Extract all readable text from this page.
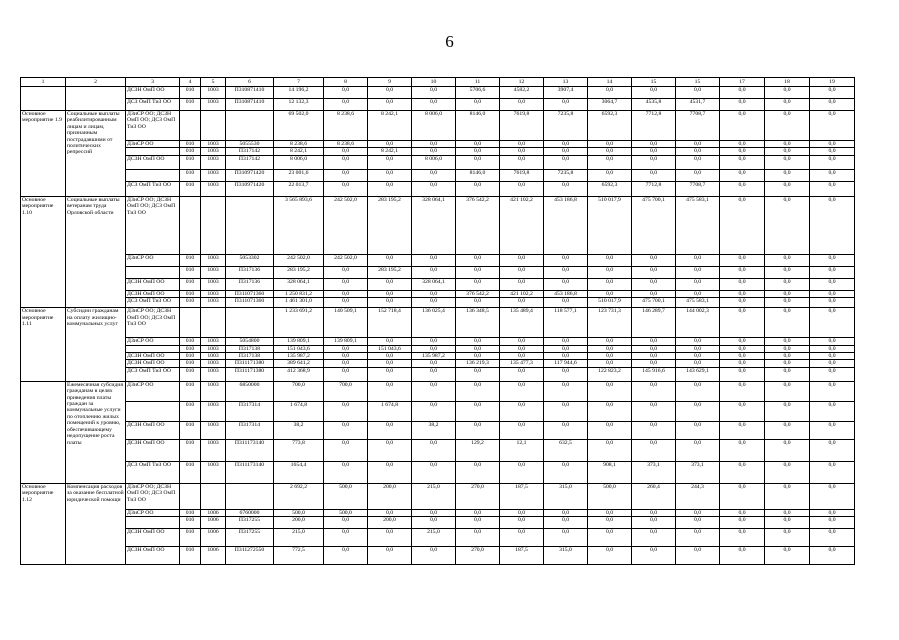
6
1	2	3	4	5	6	7	8	9	10	11	12	13	14	15	15	17	18	19
		ДСЗН ОмП ОО	010	1003	П310871410	14 196,2	0,0	0,0	0,0	5706,6	4582,2	3907,4	0,0	0,0	0,0	0,0	0,0	0,0
		ДСЗ ОмП ТиЗ ОО	010	1003	П310871410	12 132,3	0,0	0,0	0,0	0,0	0,0	0,0	3064,7	4535,8	4531,7	0,0	0,0	0,0
Основное мероприятие 1.9	Социальные выплаты реабилитированным лицам и лицам, признанным пострадавшими от политических репрессий	ДЗиСР ОО; ДСЗН ОмП ОО; ДСЗ ОмП ТиЗ ОО				69 502,0	8 238,6	8 242,1	8 006,0	8146,0	7619,8	7235,8	6592,3	7712,8	7708,7	0,0	0,0	0,0
		ДЗиСР ОО	010	1003	5055530	8 238,6	8 238,6	0,0	0,0	0,0	0,0	0,0	0,0	0,0	0,0	0,0	0,0	0,0
			010	1003	П317142	8 242,1	0,0	8 242,1	0,0	0,0	0,0	0,0	0,0	0,0	0,0	0,0	0,0	0,0
		ДСЗН ОмП ОО	010	1003	П317142	8 006,0	0,0	0,0	8 006,0	0,0	0,0	0,0	0,0	0,0	0,0	0,0	0,0	0,0
			010	1003	П310971420	23 001,6	0,0	0,0	0,0	8146,0	7619,8	7235,8	0,0	0,0	0,0	0,0	0,0	0,0
		ДСЗ ОмП ТиЗ ОО	010	1003	П310971420	22 013,7	0,0	0,0	0,0	0,0	0,0	0,0	6592,3	7712,8	7708,7	0,0	0,0	0,0
Основное мероприятие 1.10	Социальные выплаты ветеранам труда Орловской области	ДЗиСР ОО; ДСЗН ОмП ОО; ДСЗ ОмП ТиЗ ОО				3 565 893,6	242 502,0	283 195,2	328 064,1	376 542,2	421 102,2	453 186,8	510 017,9	475 700,1	475 583,1	0,0	0,0	0,0
		ДЗиСР ОО	010	1003	5053302	242 502,0	242 502,0	0,0	0,0	0,0	0,0	0,0	0,0	0,0	0,0	0,0	0,0	0,0
			010	1003	П317136	283 195,2	0,0	283 195,2	0,0	0,0	0,0	0,0	0,0	0,0	0,0	0,0	0,0	0,0
		ДСЗН ОмП ОО	010	1003	П317136	328 064,1	0,0	0,0	328 064,1	0,0	0,0	0,0	0,0	0,0	0,0	0,0	0,0	0,0
		ДСЗН ОмП ОО	010	1003	П311071360	1 250 831,2	0,0	0,0	0,0	376 542,2	421 102,2	453 186,8	0,0	0,0	0,0	0,0	0,0	0,0
		ДСЗ ОмП ТиЗ ОО	010	1003	П311071360	1 461 301,0	0,0	0,0	0,0	0,0	0,0	0,0	510 017,9	475 700,1	475 583,1	0,0	0,0	0,0
Основное мероприятие 1.11	Субсидии гражданам на оплату жилищно-коммунальных услуг	ДЗиСР ОО; ДСЗН ОмП ОО; ДСЗ ОмП ТиЗ ОО				1 233 691,2	140 509,1	152 718,4	136 025,4	136 348,5	135 489,4	118 577,1	123 731,3	146 289,7	144 002,3	0,0	0,0	0,0
		ДЗиСР ОО	010	1003	5054800	139 809,1	139 809,1	0,0	0,0	0,0	0,0	0,0	0,0	0,0	0,0	0,0	0,0	0,0
			010	1003	П317138	151 043,6	0,0	151 043,6	0,0	0,0	0,0	0,0	0,0	0,0	0,0	0,0	0,0	0,0
		ДСЗН ОмП ОО	010	1003	П317138	135 987,2	0,0	0,0	135 987,2	0,0	0,0	0,0	0,0	0,0	0,0	0,0	0,0	0,0
		ДСЗН ОмП ОО	010	1003	П311171380	389 641,2	0,0	0,0	0,0	136 219,3	135 477,3	117 944,6	0,0	0,0	0,0	0,0	0,0	0,0
		ДСЗ ОмП ТиЗ ОО	010	1003	П311171380	412 368,9	0,0	0,0	0,0	0,0	0,0	0,0	122 823,2	145 916,6	143 629,1	0,0	0,0	0,0
	Ежемесячная субсидия гражданам в целях приведения платы граждан за коммунальные услуги по отоплению жилых помещений к уровню, обеспечивающему недопущение роста платы	ДЗиСР ОО	010	1003	6850000	700,0	700,0	0,0	0,0	0,0	0,0	0,0	0,0	0,0	0,0	0,0	0,0	0,0
			010	1003	П317314	1 674,8	0,0	1 674,8	0,0	0,0	0,0	0,0	0,0	0,0	0,0	0,0	0,0	0,0
		ДСЗН ОмП ОО	010	1003	П317314	38,2	0,0	0,0	38,2	0,0	0,0	0,0	0,0	0,0	0,0	0,0	0,0	0,0
		ДСЗН ОмП ОО	010	1003	П311173140	773,8	0,0	0,0	0,0	129,2	12,1	632,5	0,0	0,0	0,0	0,0	0,0	0,0
		ДСЗ ОмП ТиЗ ОО	010	1003	П311173140	1654,4	0,0	0,0	0,0	0,0	0,0	0,0	908,1	373,1	373,1	0,0	0,0	0,0
Основное мероприятие 1.12	Компенсация расходов за оказание бесплатной юридической помощи	ДЗиСР ОО; ДСЗН ОмП ОО; ДСЗ ОмП ТиЗ ОО				2 692,2	500,0	200,0	215,0	270,0	187,5	315,0	500,0	260,4	244,3	0,0	0,0	0,0
		ДЗиСР ОО	010	1006	6760000	500,0	500,0	0,0	0,0	0,0	0,0	0,0	0,0	0,0	0,0	0,0	0,0	0,0
			010	1006	П317255	200,0	0,0	200,0	0,0	0,0	0,0	0,0	0,0	0,0	0,0	0,0	0,0	0,0
		ДСЗН ОмП ОО	010	1006	П317255	215,0	0,0	0,0	215,0	0,0	0,0	0,0	0,0	0,0	0,0	0,0	0,0	0,0
		ДСЗН ОмП ОО	010	1006	П311272550	772,5	0,0	0,0	0,0	270,0	187,5	315,0	0,0	0,0	0,0	0,0	0,0	0,0
